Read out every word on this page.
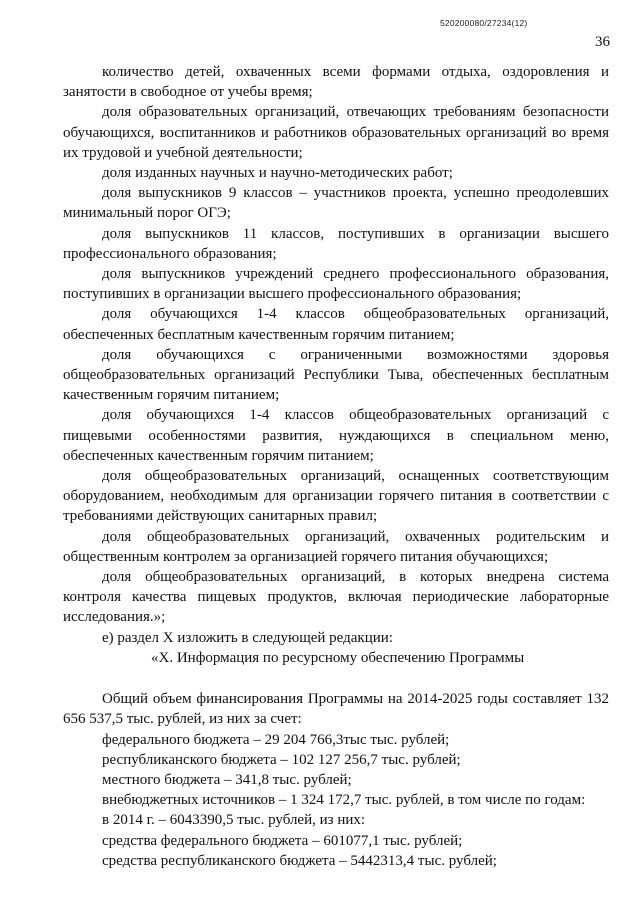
520200080/27234(12)
36

количество детей, охваченных всеми формами отдыха, оздоровления и занятости в свободное от учебы время;

доля образовательных организаций, отвечающих требованиям безопасности обучающихся, воспитанников и работников образовательных организаций во время их трудовой и учебной деятельности;

доля изданных научных и научно-методических работ;

доля выпускников 9 классов – участников проекта, успешно преодолевших минимальный порог ОГЭ;

доля выпускников 11 классов, поступивших в организации высшего профессионального образования;

доля выпускников учреждений среднего профессионального образования, поступивших в организации высшего профессионального образования;

доля обучающихся 1-4 классов общеобразовательных организаций, обеспеченных бесплатным качественным горячим питанием;

доля обучающихся с ограниченными возможностями здоровья общеобразовательных организаций Республики Тыва, обеспеченных бесплатным качественным горячим питанием;

доля обучающихся 1-4 классов общеобразовательных организаций с пищевыми особенностями развития, нуждающихся в специальном меню, обеспеченных качественным горячим питанием;

доля общеобразовательных организаций, оснащенных соответствующим оборудованием, необходимым для организации горячего питания в соответствии с требованиями действующих санитарных правил;

доля общеобразовательных организаций, охваченных родительским и общественным контролем за организацией горячего питания обучающихся;

доля общеобразовательных организаций, в которых внедрена система контроля качества пищевых продуктов, включая периодические лабораторные исследования.»;

е) раздел X изложить в следующей редакции:

«X. Информация по ресурсному обеспечению Программы

Общий объем финансирования Программы на 2014-2025 годы составляет 132 656 537,5 тыс. рублей, из них за счет:

федерального бюджета – 29 204 766,3тыс тыс. рублей;

республиканского бюджета – 102 127 256,7 тыс. рублей;

местного бюджета – 341,8 тыс. рублей;

внебюджетных источников – 1 324 172,7 тыс. рублей, в том числе по годам:

в 2014 г. – 6043390,5 тыс. рублей, из них:

средства федерального бюджета – 601077,1 тыс. рублей;

средства республиканского бюджета – 5442313,4 тыс. рублей;
